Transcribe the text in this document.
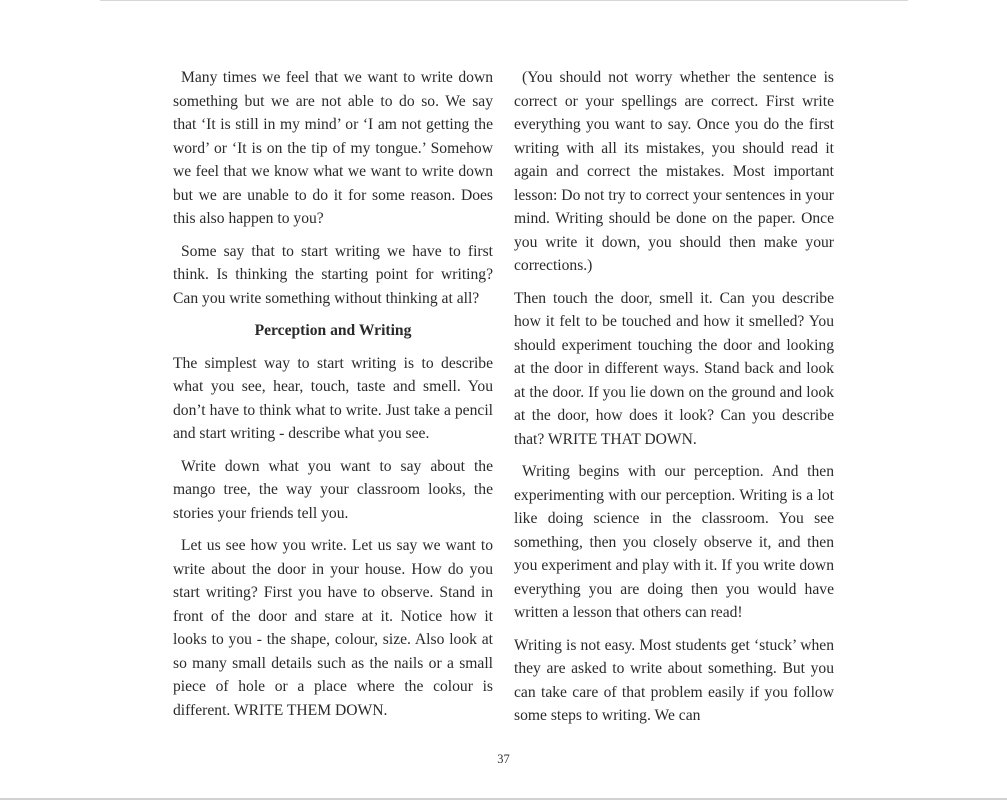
Many times we feel that we want to write down something but we are not able to do so. We say that ‘It is still in my mind’ or ‘I am not getting the word’ or ‘It is on the tip of my tongue.’ Somehow we feel that we know what we want to write down but we are unable to do it for some reason. Does this also happen to you?

Some say that to start writing we have to first think. Is thinking the starting point for writing? Can you write something without thinking at all?

Perception and Writing

The simplest way to start writing is to describe what you see, hear, touch, taste and smell. You don’t have to think what to write. Just take a pencil and start writing - describe what you see.

Write down what you want to say about the mango tree, the way your classroom looks, the stories your friends tell you.

Let us see how you write. Let us say we want to write about the door in your house. How do you start writing? First you have to observe. Stand in front of the door and stare at it. Notice how it looks to you - the shape, colour, size. Also look at so many small details such as the nails or a small piece of hole or a place where the colour is different. WRITE THEM DOWN.

(You should not worry whether the sentence is correct or your spellings are correct. First write everything you want to say. Once you do the first writing with all its mistakes, you should read it again and correct the mistakes. Most important lesson: Do not try to correct your sentences in your mind. Writing should be done on the paper. Once you write it down, you should then make your corrections.)

Then touch the door, smell it. Can you describe how it felt to be touched and how it smelled? You should experiment touching the door and looking at the door in different ways. Stand back and look at the door. If you lie down on the ground and look at the door, how does it look? Can you describe that? WRITE THAT DOWN.

Writing begins with our perception. And then experimenting with our perception. Writing is a lot like doing science in the classroom. You see something, then you closely observe it, and then you experiment and play with it. If you write down everything you are doing then you would have written a lesson that others can read!

Writing is not easy. Most students get ‘stuck’ when they are asked to write about something. But you can take care of that problem easily if you follow some steps to writing. We can

37
